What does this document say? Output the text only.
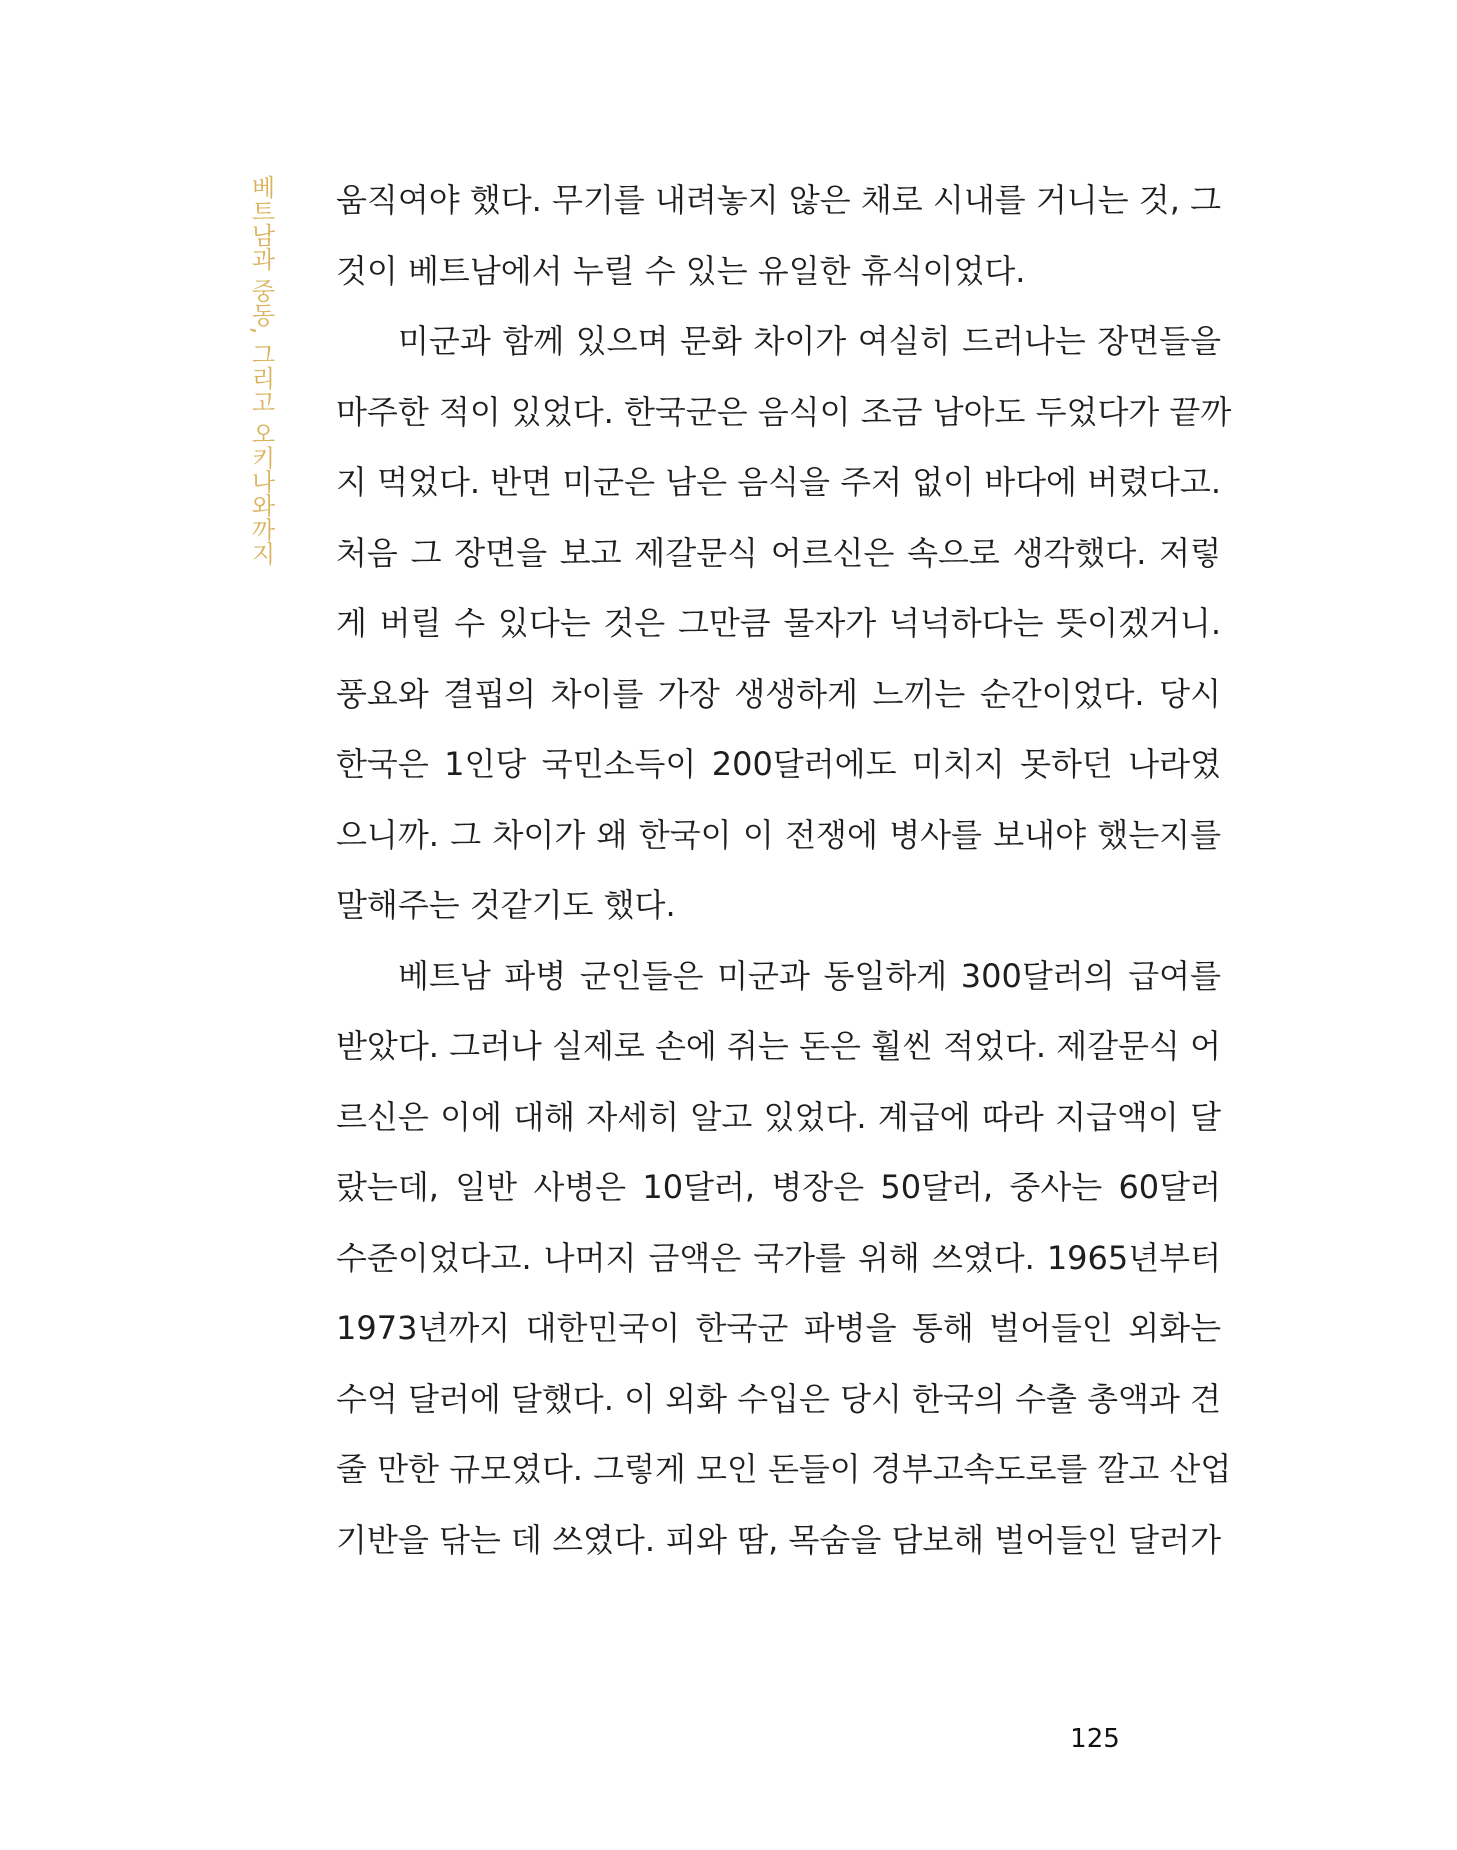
베트남과 중동, 그리고 오키나와까지 움직여야 했다. 무기를 내려놓지 않은 채로 시내를 거니는 것, 그
것이 베트남에서 누릴 수 있는 유일한 휴식이었다.
미군과 함께 있으며 문화 차이가 여실히 드러나는 장면들을
마주한 적이 있었다. 한국군은 음식이 조금 남아도 두었다가 끝까
지 먹었다. 반면 미군은 남은 음식을 주저 없이 바다에 버렸다고.
처음 그 장면을 보고 제갈문식 어르신은 속으로 생각했다. 저렇
게 버릴 수 있다는 것은 그만큼 물자가 넉넉하다는 뜻이겠거니.
풍요와 결핍의 차이를 가장 생생하게 느끼는 순간이었다. 당시
한국은 1인당 국민소득이 200달러에도 미치지 못하던 나라였
으니까. 그 차이가 왜 한국이 이 전쟁에 병사를 보내야 했는지를
말해주는 것같기도 했다.
베트남 파병 군인들은 미군과 동일하게 300달러의 급여를
받았다. 그러나 실제로 손에 쥐는 돈은 훨씬 적었다. 제갈문식 어
르신은 이에 대해 자세히 알고 있었다. 계급에 따라 지급액이 달
랐는데, 일반 사병은 10달러, 병장은 50달러, 중사는 60달러
수준이었다고. 나머지 금액은 국가를 위해 쓰였다. 1965년부터
1973년까지 대한민국이 한국군 파병을 통해 벌어들인 외화는
수억 달러에 달했다. 이 외화 수입은 당시 한국의 수출 총액과 견
줄 만한 규모였다. 그렇게 모인 돈들이 경부고속도로를 깔고 산업
기반을 닦는 데 쓰였다. 피와 땀, 목숨을 담보해 벌어들인 달러가
125
